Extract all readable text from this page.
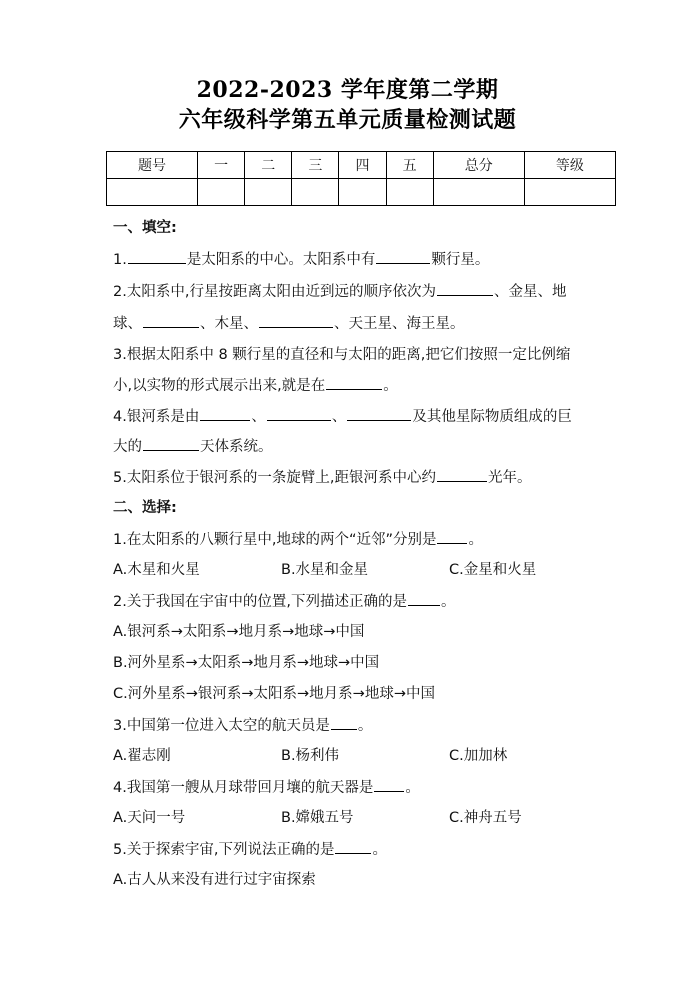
2022-2023 学年度第二学期
六年级科学第五单元质量检测试题
题号	一	二	三	四	五	总分	等级

一、填空:
1.	是太阳系的中心。太阳系中有	颗行星。
2.太阳系中,行星按距离太阳由近到远的顺序依次为	、金星、地
球、	、木星、	、天王星、海王星。
3.根据太阳系中 8 颗行星的直径和与太阳的距离,把它们按照一定比例缩
小,以实物的形式展示出来,就是在	。
4.银河系是由	、	、	及其他星际物质组成的巨
大的	天体系统。
5.太阳系位于银河系的一条旋臂上,距银河系中心约	光年。
二、选择:
1.在太阳系的八颗行星中,地球的两个“近邻”分别是 。
A.木星和火星	B.水星和金星	C.金星和火星
2.关于我国在宇宙中的位置,下列描述正确的是 。
A.银河系→太阳系→地月系→地球→中国
B.河外星系→太阳系→地月系→地球→中国
C.河外星系→银河系→太阳系→地月系→地球→中国
3.中国第一位进入太空的航天员是 。
A.翟志刚	B.杨利伟	C.加加林
4.我国第一艘从月球带回月壤的航天器是 。
A.天问一号	B.嫦娥五号	C.神舟五号
5.关于探索宇宙,下列说法正确的是	。
A.古人从来没有进行过宇宙探索
